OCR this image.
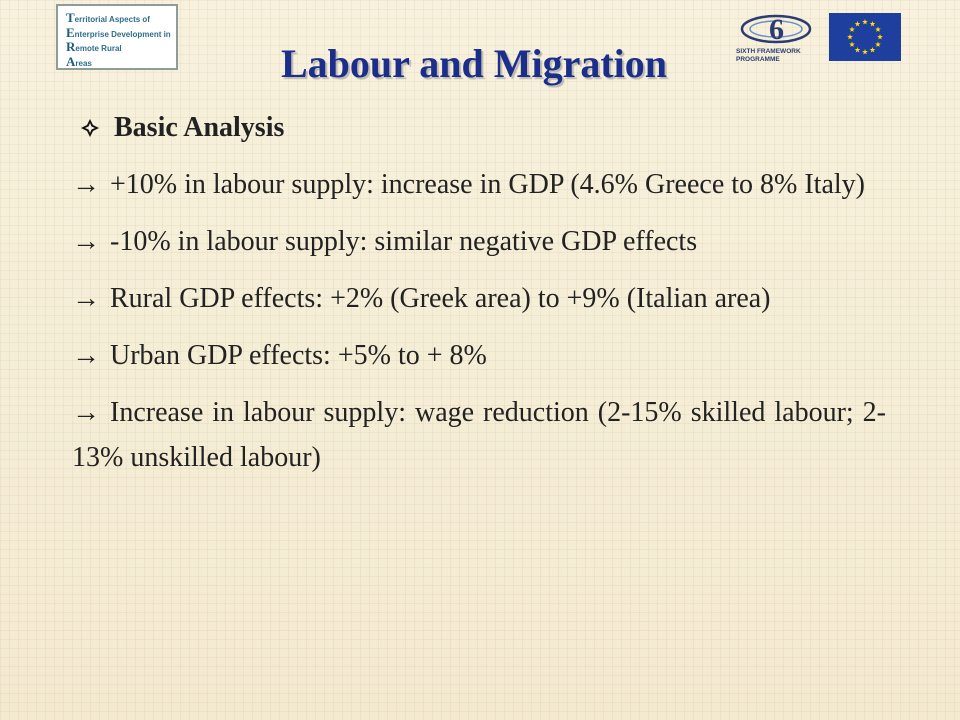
Territorial Aspects of
Enterprise Development in
Remote Rural
Areas
6
SIXTH FRAMEWORK
PROGRAMME
Labour and Migration
Basic Analysis

→ +10% in labour supply: increase in GDP (4.6% Greece to 8% Italy)

→ -10% in labour supply: similar negative GDP effects

→ Rural GDP effects: +2% (Greek area) to +9% (Italian area)

→ Urban GDP effects: +5% to + 8%

→ Increase in labour supply: wage reduction (2-15% skilled labour; 2-13% unskilled labour)
